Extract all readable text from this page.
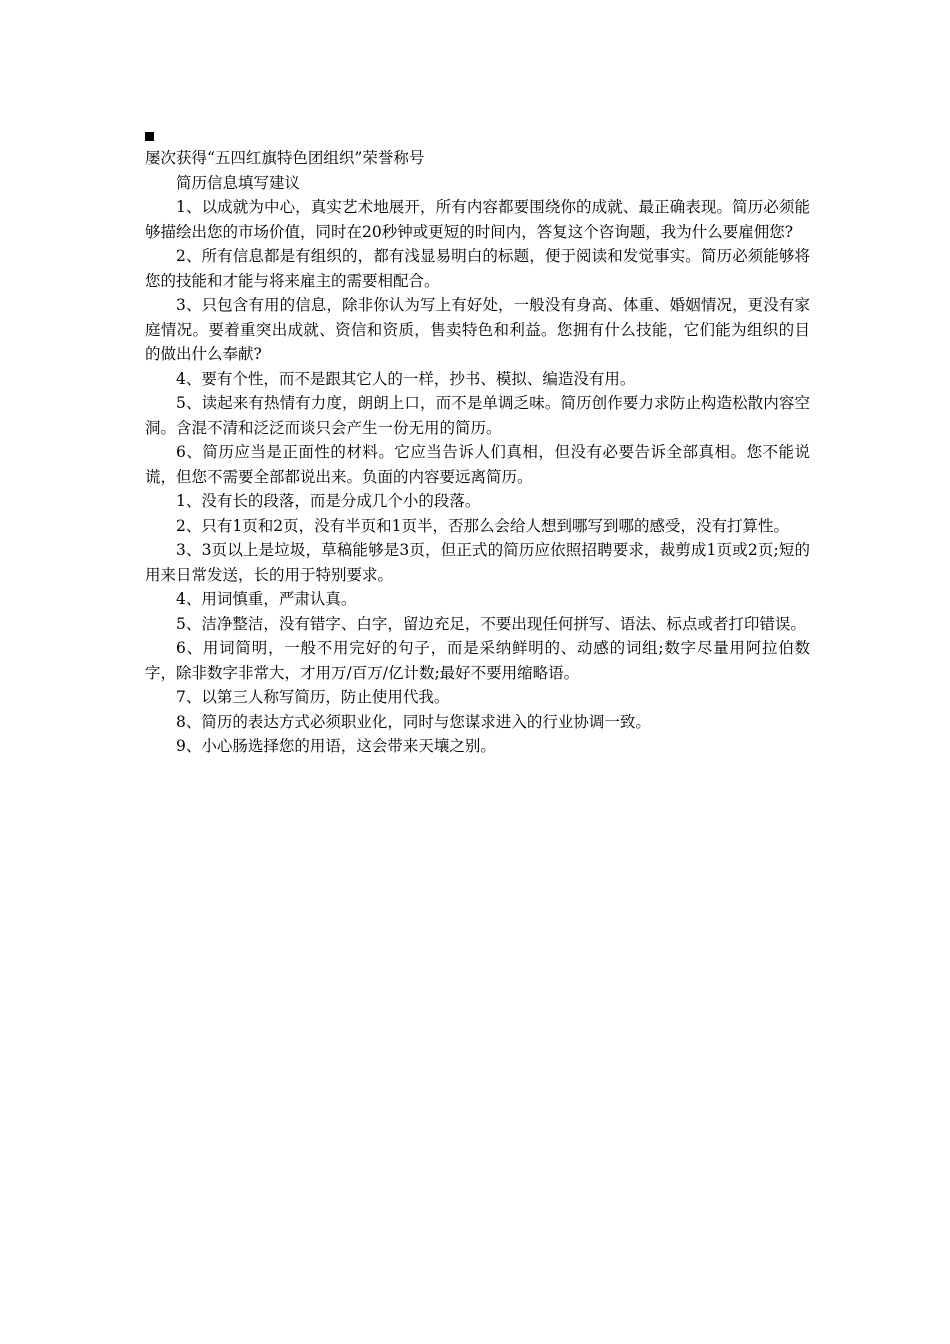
屡次获得“五四红旗特色团组织”荣誉称号

简历信息填写建议

1、以成就为中心，真实艺术地展开，所有内容都要围绕你的成就、最正确表现。简历必须能够描绘出您的市场价值，同时在20秒钟或更短的时间内，答复这个咨询题，我为什么要雇佣您?

2、所有信息都是有组织的，都有浅显易明白的标题，便于阅读和发觉事实。简历必须能够将您的技能和才能与将来雇主的需要相配合。

3、只包含有用的信息，除非你认为写上有好处，一般没有身高、体重、婚姻情况，更没有家庭情况。要着重突出成就、资信和资质，售卖特色和利益。您拥有什么技能，它们能为组织的目的做出什么奉献?

4、要有个性，而不是跟其它人的一样，抄书、模拟、编造没有用。

5、读起来有热情有力度，朗朗上口，而不是单调乏味。简历创作要力求防止构造松散内容空洞。含混不清和泛泛而谈只会产生一份无用的简历。

6、简历应当是正面性的材料。它应当告诉人们真相，但没有必要告诉全部真相。您不能说谎，但您不需要全部都说出来。负面的内容要远离简历。

1、没有长的段落，而是分成几个小的段落。

2、只有1页和2页，没有半页和1页半，否那么会给人想到哪写到哪的感受，没有打算性。

3、3页以上是垃圾，草稿能够是3页，但正式的简历应依照招聘要求，裁剪成1页或2页;短的用来日常发送，长的用于特别要求。

4、用词慎重，严肃认真。

5、洁净整洁，没有错字、白字，留边充足，不要出现任何拼写、语法、标点或者打印错误。

6、用词简明，一般不用完好的句子，而是采纳鲜明的、动感的词组;数字尽量用阿拉伯数字，除非数字非常大，才用万/百万/亿计数;最好不要用缩略语。

7、以第三人称写简历，防止使用代我。

8、简历的表达方式必须职业化，同时与您谋求进入的行业协调一致。

9、小心肠选择您的用语，这会带来天壤之别。
